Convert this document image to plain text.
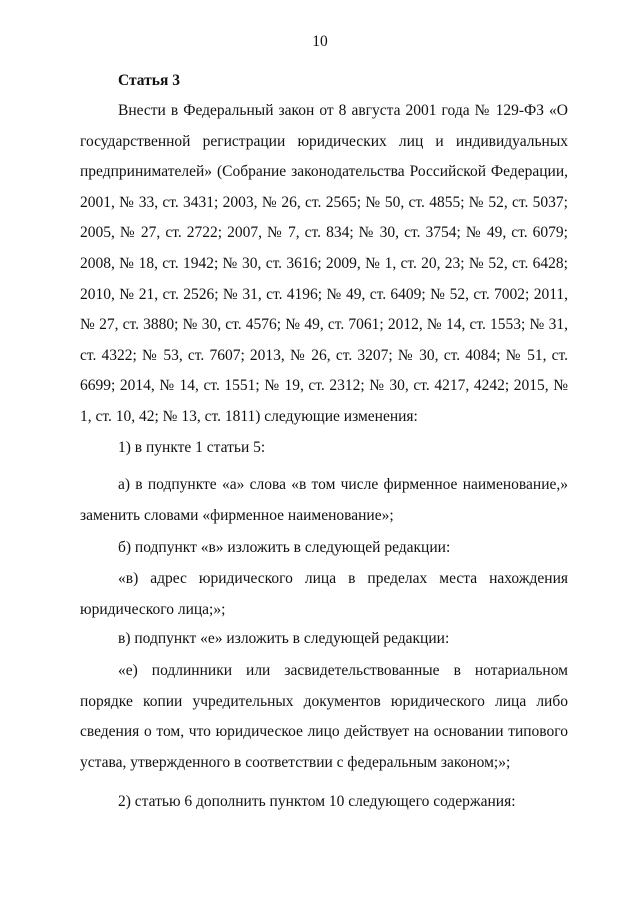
10
Статья 3

Внести в Федеральный закон от 8 августа 2001 года № 129-ФЗ «О государственной регистрации юридических лиц и индивидуальных предпринимателей» (Собрание законодательства Российской Федерации, 2001, № 33, ст. 3431; 2003, № 26, ст. 2565; № 50, ст. 4855; № 52, ст. 5037; 2005, № 27, ст. 2722; 2007, № 7, ст. 834; № 30, ст. 3754; № 49, ст. 6079; 2008, № 18, ст. 1942; № 30, ст. 3616; 2009, № 1, ст. 20, 23; № 52, ст. 6428; 2010, № 21, ст. 2526; № 31, ст. 4196; № 49, ст. 6409; № 52, ст. 7002; 2011, № 27, ст. 3880; № 30, ст. 4576; № 49, ст. 7061; 2012, № 14, ст. 1553; № 31, ст. 4322; № 53, ст. 7607; 2013, № 26, ст. 3207; № 30, ст. 4084; № 51, ст. 6699; 2014, № 14, ст. 1551; № 19, ст. 2312; № 30, ст. 4217, 4242; 2015, № 1, ст. 10, 42; № 13, ст. 1811) следующие изменения:

1) в пункте 1 статьи 5:

а) в подпункте «а» слова «в том числе фирменное наименование,» заменить словами «фирменное наименование»;

б) подпункт «в» изложить в следующей редакции:

«в) адрес юридического лица в пределах места нахождения юридического лица;»;

в) подпункт «е» изложить в следующей редакции:

«е) подлинники или засвидетельствованные в нотариальном порядке копии учредительных документов юридического лица либо сведения о том, что юридическое лицо действует на основании типового устава, утвержденного в соответствии с федеральным законом;»;

2) статью 6 дополнить пунктом 10 следующего содержания:
